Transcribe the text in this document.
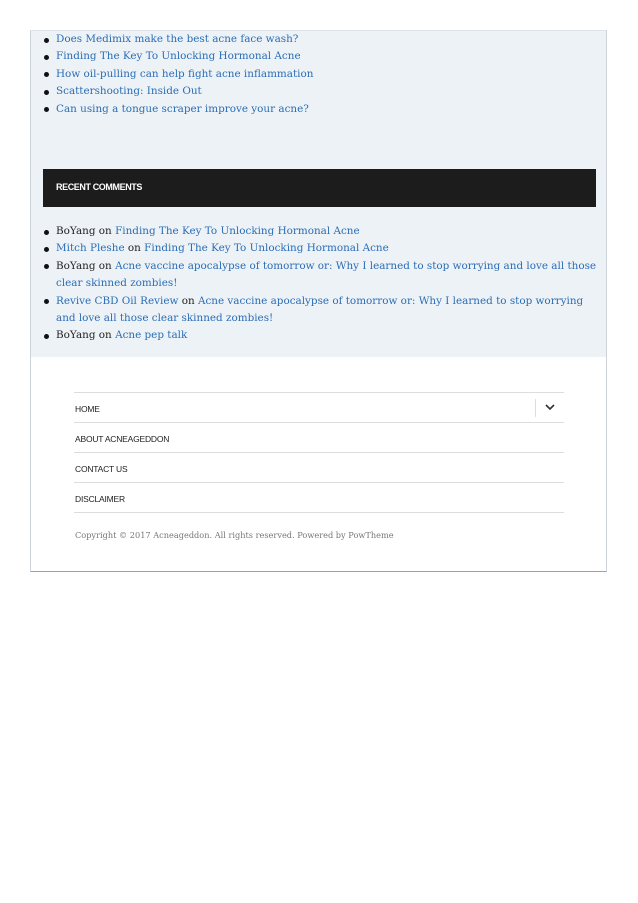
Does Medimix make the best acne face wash?
Finding The Key To Unlocking Hormonal Acne
How oil-pulling can help fight acne inflammation
Scattershooting: Inside Out
Can using a tongue scraper improve your acne?
RECENT COMMENTS
BoYang on Finding The Key To Unlocking Hormonal Acne
Mitch Pleshe on Finding The Key To Unlocking Hormonal Acne
BoYang on Acne vaccine apocalypse of tomorrow or: Why I learned to stop worrying and love all those clear skinned zombies!
Revive CBD Oil Review on Acne vaccine apocalypse of tomorrow or: Why I learned to stop worrying and love all those clear skinned zombies!
BoYang on Acne pep talk
HOME
ABOUT ACNEAGEDDON
CONTACT US
DISCLAIMER
Copyright © 2017 Acneageddon. All rights reserved. Powered by PowTheme
